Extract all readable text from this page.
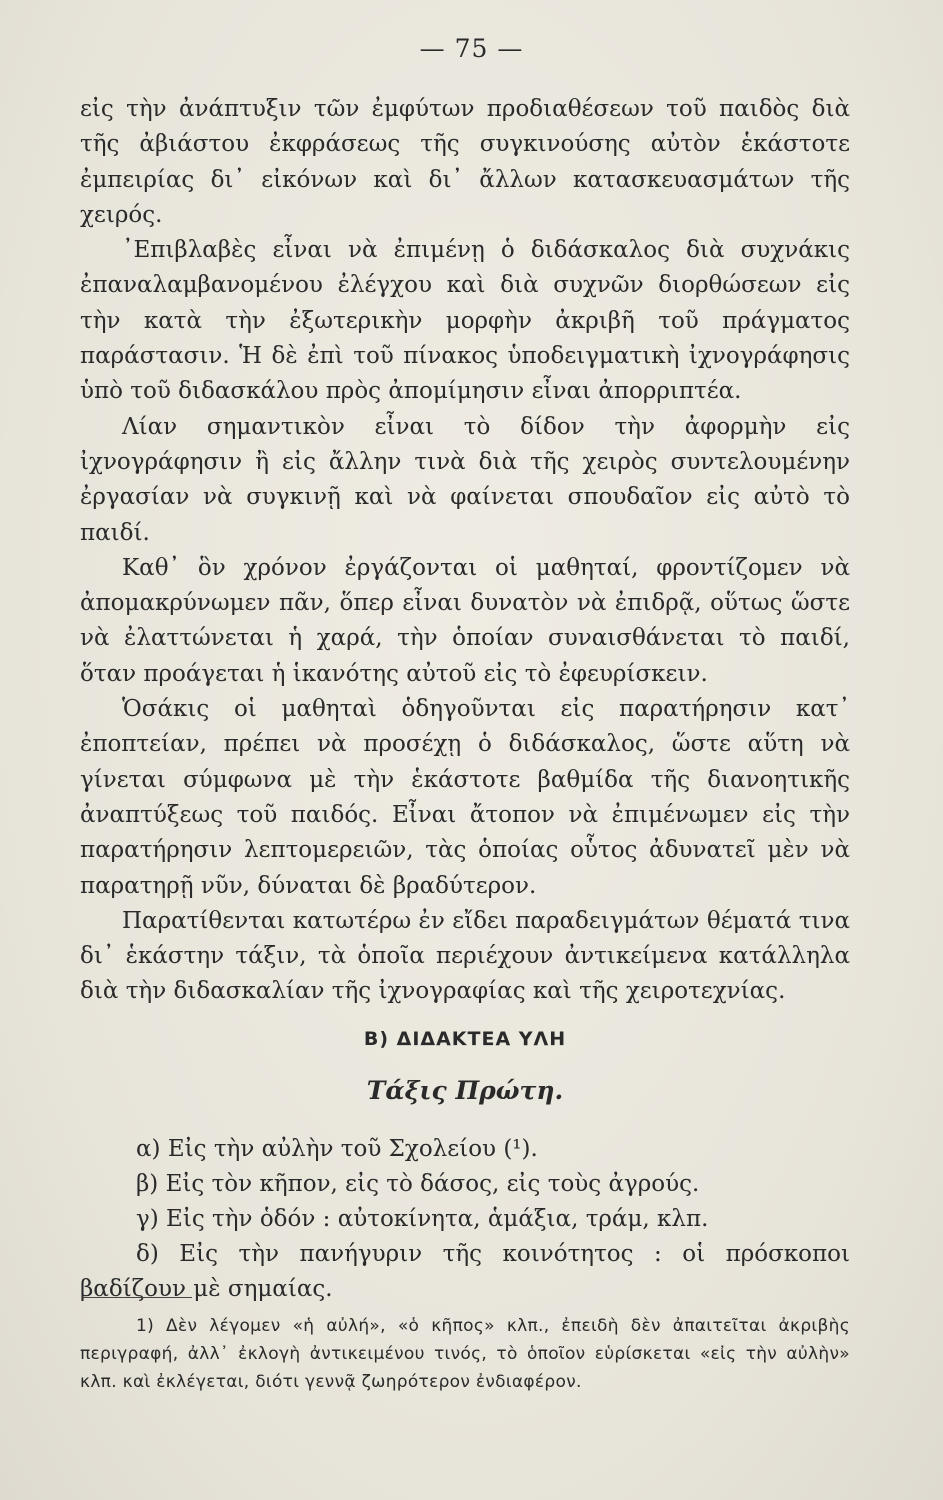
— 75 —

εἰς τὴν ἀνάπτυξιν τῶν ἐμφύτων προδιαθέσεων τοῦ παιδὸς διὰ τῆς ἀβιάστου ἐκφράσεως τῆς συγκινούσης αὐτὸν ἑκάστοτε ἐμπειρίας δι᾽ εἰκόνων καὶ δι᾽ ἄλλων κατασκευασμάτων τῆς χειρός.

᾽Επιβλαβὲς εἶναι νὰ ἐπιμένῃ ὁ διδάσκαλος διὰ συχνάκις ἐπαναλαμβανομένου ἐλέγχου καὶ διὰ συχνῶν διορθώσεων εἰς τὴν κατὰ τὴν ἐξωτερικὴν μορφὴν ἀκριβῆ τοῦ πράγματος παράστασιν. Ἡ δὲ ἐπὶ τοῦ πίνακος ὑποδειγματικὴ ἰχνογράφησις ὑπὸ τοῦ διδασκάλου πρὸς ἀπομίμησιν εἶναι ἀπορριπτέα.

Λίαν σημαντικὸν εἶναι τὸ δίδον τὴν ἀφορμὴν εἰς ἰχνογράφησιν ἢ εἰς ἄλλην τινὰ διὰ τῆς χειρὸς συντελουμένην ἐργασίαν νὰ συγκινῇ καὶ νὰ φαίνεται σπουδαῖον εἰς αὐτὸ τὸ παιδί.

Καθ᾽ ὃν χρόνον ἐργάζονται οἱ μαθηταί, φροντίζομεν νὰ ἀπομακρύνωμεν πᾶν, ὅπερ εἶναι δυνατὸν νὰ ἐπιδρᾷ, οὕτως ὥστε νὰ ἐλαττώνεται ἡ χαρά, τὴν ὁποίαν συναισθάνεται τὸ παιδί, ὅταν προάγεται ἡ ἱκανότης αὐτοῦ εἰς τὸ ἐφευρίσκειν.

Ὁσάκις οἱ μαθηταὶ ὁδηγοῦνται εἰς παρατήρησιν κατ᾽ ἐποπτείαν, πρέπει νὰ προσέχῃ ὁ διδάσκαλος, ὥστε αὕτη νὰ γίνεται σύμφωνα μὲ τὴν ἑκάστοτε βαθμίδα τῆς διανοητικῆς ἀναπτύξεως τοῦ παιδός. Εἶναι ἄτοπον νὰ ἐπιμένωμεν εἰς τὴν παρατήρησιν λεπτομερειῶν, τὰς ὁποίας οὗτος ἀδυνατεῖ μὲν νὰ παρατηρῇ νῦν, δύναται δὲ βραδύτερον.

Παρατίθενται κατωτέρω ἐν εἴδει παραδειγμάτων θέματά τινα δι᾽ ἑκάστην τάξιν, τὰ ὁποῖα περιέχουν ἀντικείμενα κατάλληλα διὰ τὴν διδασκαλίαν τῆς ἰχνογραφίας καὶ τῆς χειροτεχνίας.

Β) ΔΙΔΑΚΤΕΑ ΥΛΗ
Τάξις Πρώτη.

α) Εἰς τὴν αὐλὴν τοῦ Σχολείου (¹).

β) Εἰς τὸν κῆπον, εἰς τὸ δάσος, εἰς τοὺς ἀγρούς.

γ) Εἰς τὴν ὁδόν : αὐτοκίνητα, ἁμάξια, τράμ, κλπ.

δ) Εἰς τὴν πανήγυριν τῆς κοινότητος : οἱ πρόσκοποι βαδίζουν μὲ σημαίας.

1) Δὲν λέγομεν «ἡ αὐλή», «ὁ κῆπος» κλπ., ἐπειδὴ δὲν ἀπαιτεῖται ἀκριβὴς περιγραφή, ἀλλ᾽ ἐκλογὴ ἀντικειμένου τινός, τὸ ὁποῖον εὑρίσκεται «εἰς τὴν αὐλὴν» κλπ. καὶ ἐκλέγεται, διότι γεννᾷ ζωηρότερον ἐνδιαφέρον.
